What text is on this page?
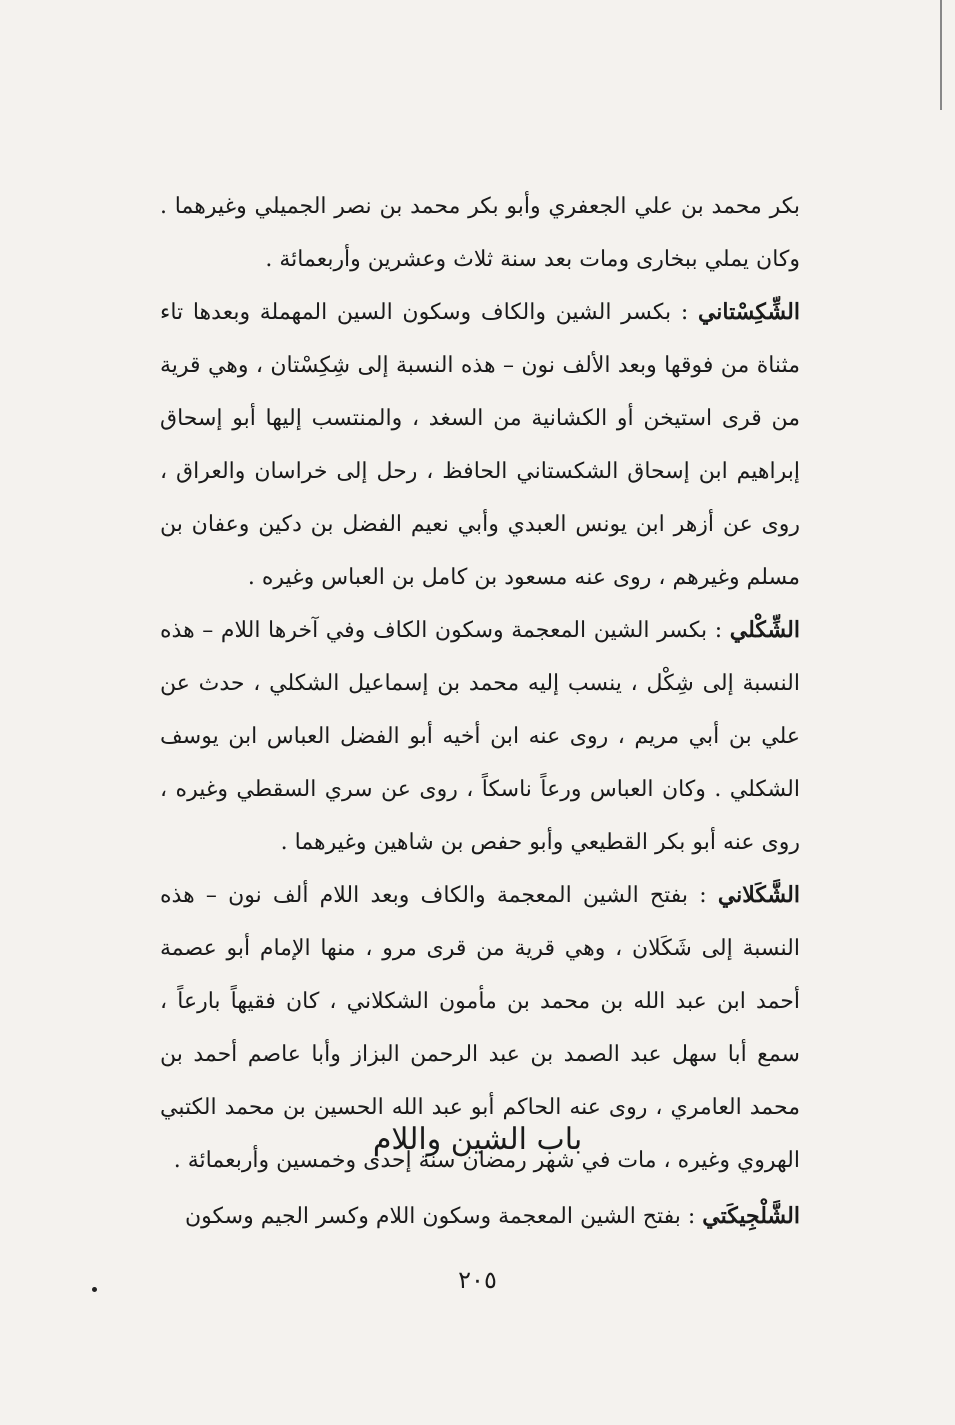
بكر محمد بن علي الجعفري وأبو بكر محمد بن نصر الجميلي وغيرهما . وكان يملي ببخارى ومات بعد سنة ثلاث وعشرين وأربعمائة .

الشِّكِسْتاني : بكسر الشين والكاف وسكون السين المهملة وبعدها تاء مثناة من فوقها وبعد الألف نون – هذه النسبة إلى شِكِسْتان ، وهي قرية من قرى استيخن أو الكشانية من السغد ، والمنتسب إليها أبو إسحاق إبراهيم ابن إسحاق الشكستاني الحافظ ، رحل إلى خراسان والعراق ، روى عن أزهر ابن يونس العبدي وأبي نعيم الفضل بن دكين وعفان بن مسلم وغيرهم ، روى عنه مسعود بن كامل بن العباس وغيره .

الشِّكْلي : بكسر الشين المعجمة وسكون الكاف وفي آخرها اللام – هذه النسبة إلى شِكْل ، ينسب إليه محمد بن إسماعيل الشكلي ، حدث عن علي بن أبي مريم ، روى عنه ابن أخيه أبو الفضل العباس ابن يوسف الشكلي . وكان العباس ورعاً ناسكاً ، روى عن سري السقطي وغيره ، روى عنه أبو بكر القطيعي وأبو حفص بن شاهين وغيرهما .

الشَّكَلاني : بفتح الشين المعجمة والكاف وبعد اللام ألف نون – هذه النسبة إلى شَكَلان ، وهي قرية من قرى مرو ، منها الإمام أبو عصمة أحمد ابن عبد الله بن محمد بن مأمون الشكلاني ، كان فقيهاً بارعاً ، سمع أبا سهل عبد الصمد بن عبد الرحمن البزاز وأبا عاصم أحمد بن محمد العامري ، روى عنه الحاكم أبو عبد الله الحسين بن محمد الكتبي الهروي وغيره ، مات في شهر رمضان سنة إحدى وخمسين وأربعمائة .

باب الشين واللام
الشَّلْجِيكَتي : بفتح الشين المعجمة وسكون اللام وكسر الجيم وسكون
٢٠٥
